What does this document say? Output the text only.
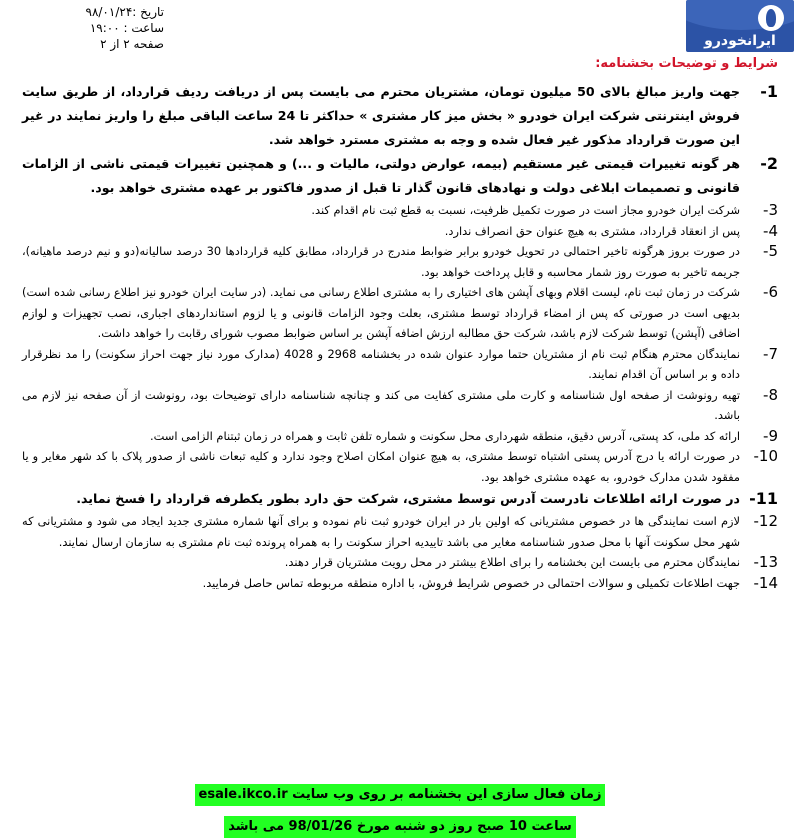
تاریخ :۹۸/۰۱/۲۴
ساعت : ۱۹:۰۰
صفحه ۲ از ۲	ایرانخودرو
شرایط و توضیحات بخشنامه:
-1
جهت واریز مبالغ بالای 50 میلیون تومان، مشتریان محترم می بایست پس از دریافت ردیف قرارداد، از طریق سایت فروش اینترنتی شرکت ایران خودرو « بخش میز کار مشتری » حداکثر تا 24 ساعت الباقی مبلغ را واریز نمایند در غیر این صورت قرارداد مذکور غیر فعال شده و وجه به مشتری مسترد خواهد شد.
-2
هر گونه تغییرات قیمتی غیر مستقیم (بیمه، عوارض دولتی، مالیات و ...) و همچنین تغییرات قیمتی ناشی از الزامات قانونی و تصمیمات ابلاغی دولت و نهادهای قانون گذار تا قبل از صدور فاکتور بر عهده مشتری خواهد بود.
-3
شرکت ایران خودرو مجاز است در صورت تکمیل ظرفیت، نسبت به قطع ثبت نام اقدام کند.
-4
پس از انعقاد قرارداد، مشتری به هیچ عنوان حق انصراف ندارد.
-5
در صورت بروز هرگونه تاخیر احتمالی در تحویل خودرو برابر ضوابط مندرج در قرارداد، مطابق کلیه قراردادها 30 درصد سالیانه(دو و نیم درصد ماهیانه)، جریمه تاخیر به صورت روز شمار محاسبه و قابل پرداخت خواهد بود.
-6
شرکت در زمان ثبت نام، لیست اقلام وبهای آپشن های اختیاری را به مشتری اطلاع رسانی می نماید. (در سایت ایران خودرو نیز اطلاع رسانی شده است) بدیهی است در صورتی که پس از امضاء قرارداد توسط مشتری، بعلت وجود الزامات قانونی و یا لزوم استانداردهای اجباری، نصب تجهیزات و لوازم اضافی (آپشن) توسط شرکت لازم باشد، شرکت حق مطالبه ارزش اضافه آپشن بر اساس ضوابط مصوب شورای رقابت را خواهد داشت.
-7
نمایندگان محترم هنگام ثبت نام از مشتریان حتما موارد عنوان شده در بخشنامه 2968 و 4028 (مدارک مورد نیاز جهت احراز سکونت) را مد نظرقرار داده و بر اساس آن اقدام نمایند.
-8
تهیه رونوشت از صفحه اول شناسنامه و کارت ملی مشتری کفایت می کند و چنانچه شناسنامه دارای توضیحات بود، رونوشت از آن صفحه نیز لازم می باشد.
-9
ارائه کد ملی، کد پستی، آدرس دقیق، منطقه شهرداری محل سکونت و شماره تلفن ثابت و همراه در زمان ثبتنام الزامی است.
-10
در صورت ارائه یا درج آدرس پستی اشتباه توسط مشتری، به هیچ عنوان امکان اصلاح وجود ندارد و کلیه تبعات ناشی از صدور پلاک با کد شهر مغایر و یا مفقود شدن مدارک خودرو، به عهده مشتری خواهد بود.
-11
در صورت ارائه اطلاعات نادرست آدرس توسط مشتری، شرکت حق دارد بطور یکطرفه قرارداد را فسخ نماید.
-12
لازم است نمایندگی ها در خصوص مشتریانی که اولین بار در ایران خودرو ثبت نام نموده و برای آنها شماره مشتری جدید ایجاد می شود و مشتریانی که شهر محل سکونت آنها با محل صدور شناسنامه مغایر می باشد تاییدیه احراز سکونت را به همراه پرونده ثبت نام مشتری به سازمان ارسال نمایند.
-13
نمایندگان محترم می بایست این بخشنامه را برای اطلاع بیشتر در محل رویت مشتریان قرار دهند.
-14
جهت اطلاعات تکمیلی و سوالات احتمالی در خصوص شرایط فروش، با اداره منطقه مربوطه تماس حاصل فرمایید.
زمان فعال سازی این بخشنامه بر روی وب سایت esale.ikco.ir
ساعت 10 صبح روز دو شنبه مورخ 98/01/26 می باشد
